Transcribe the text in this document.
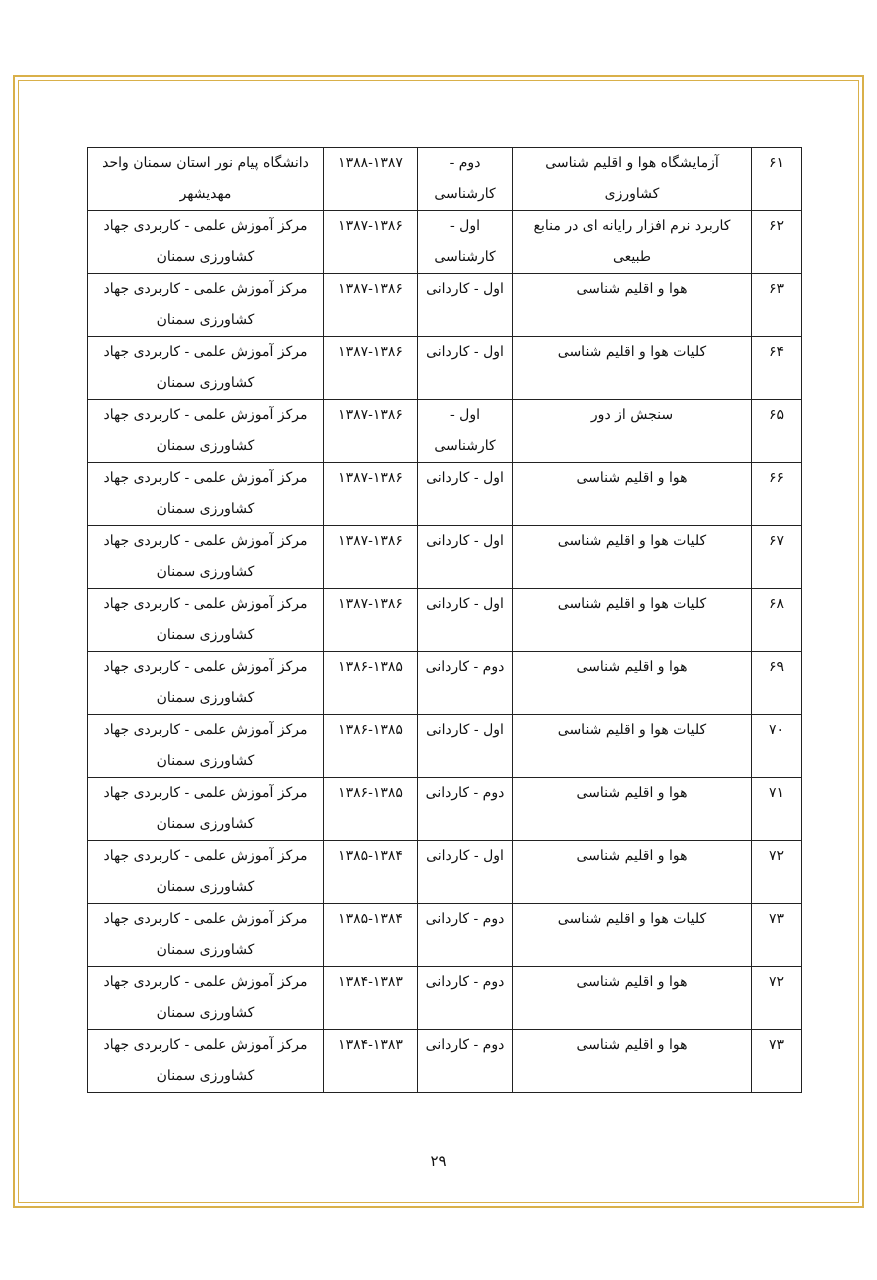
۶۱	آزمایشگاه هوا و اقلیم شناسی کشاورزی	دوم - کارشناسی	۱۳۸۸-۱۳۸۷	دانشگاه پیام نور استان سمنان واحد مهدیشهر
۶۲	کاربرد نرم افزار رایانه ای در منابع طبیعی	اول - کارشناسی	۱۳۸۷-۱۳۸۶	مرکز آموزش علمی - کاربردی جهاد کشاورزی سمنان
۶۳	هوا و اقلیم شناسی	اول - کاردانی	۱۳۸۷-۱۳۸۶	مرکز آموزش علمی - کاربردی جهاد کشاورزی سمنان
۶۴	کلیات هوا و اقلیم شناسی	اول - کاردانی	۱۳۸۷-۱۳۸۶	مرکز آموزش علمی - کاربردی جهاد کشاورزی سمنان
۶۵	سنجش از دور	اول - کارشناسی	۱۳۸۷-۱۳۸۶	مرکز آموزش علمی - کاربردی جهاد کشاورزی سمنان
۶۶	هوا و اقلیم شناسی	اول - کاردانی	۱۳۸۷-۱۳۸۶	مرکز آموزش علمی - کاربردی جهاد کشاورزی سمنان
۶۷	کلیات هوا و اقلیم شناسی	اول - کاردانی	۱۳۸۷-۱۳۸۶	مرکز آموزش علمی - کاربردی جهاد کشاورزی سمنان
۶۸	کلیات هوا و اقلیم شناسی	اول - کاردانی	۱۳۸۷-۱۳۸۶	مرکز آموزش علمی - کاربردی جهاد کشاورزی سمنان
۶۹	هوا و اقلیم شناسی	دوم - کاردانی	۱۳۸۶-۱۳۸۵	مرکز آموزش علمی - کاربردی جهاد کشاورزی سمنان
۷۰	کلیات هوا و اقلیم شناسی	اول - کاردانی	۱۳۸۶-۱۳۸۵	مرکز آموزش علمی - کاربردی جهاد کشاورزی سمنان
۷۱	هوا و اقلیم شناسی	دوم - کاردانی	۱۳۸۶-۱۳۸۵	مرکز آموزش علمی - کاربردی جهاد کشاورزی سمنان
۷۲	هوا و اقلیم شناسی	اول - کاردانی	۱۳۸۵-۱۳۸۴	مرکز آموزش علمی - کاربردی جهاد کشاورزی سمنان
۷۳	کلیات هوا و اقلیم شناسی	دوم - کاردانی	۱۳۸۵-۱۳۸۴	مرکز آموزش علمی - کاربردی جهاد کشاورزی سمنان
۷۲	هوا و اقلیم شناسی	دوم - کاردانی	۱۳۸۴-۱۳۸۳	مرکز آموزش علمی - کاربردی جهاد کشاورزی سمنان
۷۳	هوا و اقلیم شناسی	دوم - کاردانی	۱۳۸۴-۱۳۸۳	مرکز آموزش علمی - کاربردی جهاد کشاورزی سمنان
۲۹
